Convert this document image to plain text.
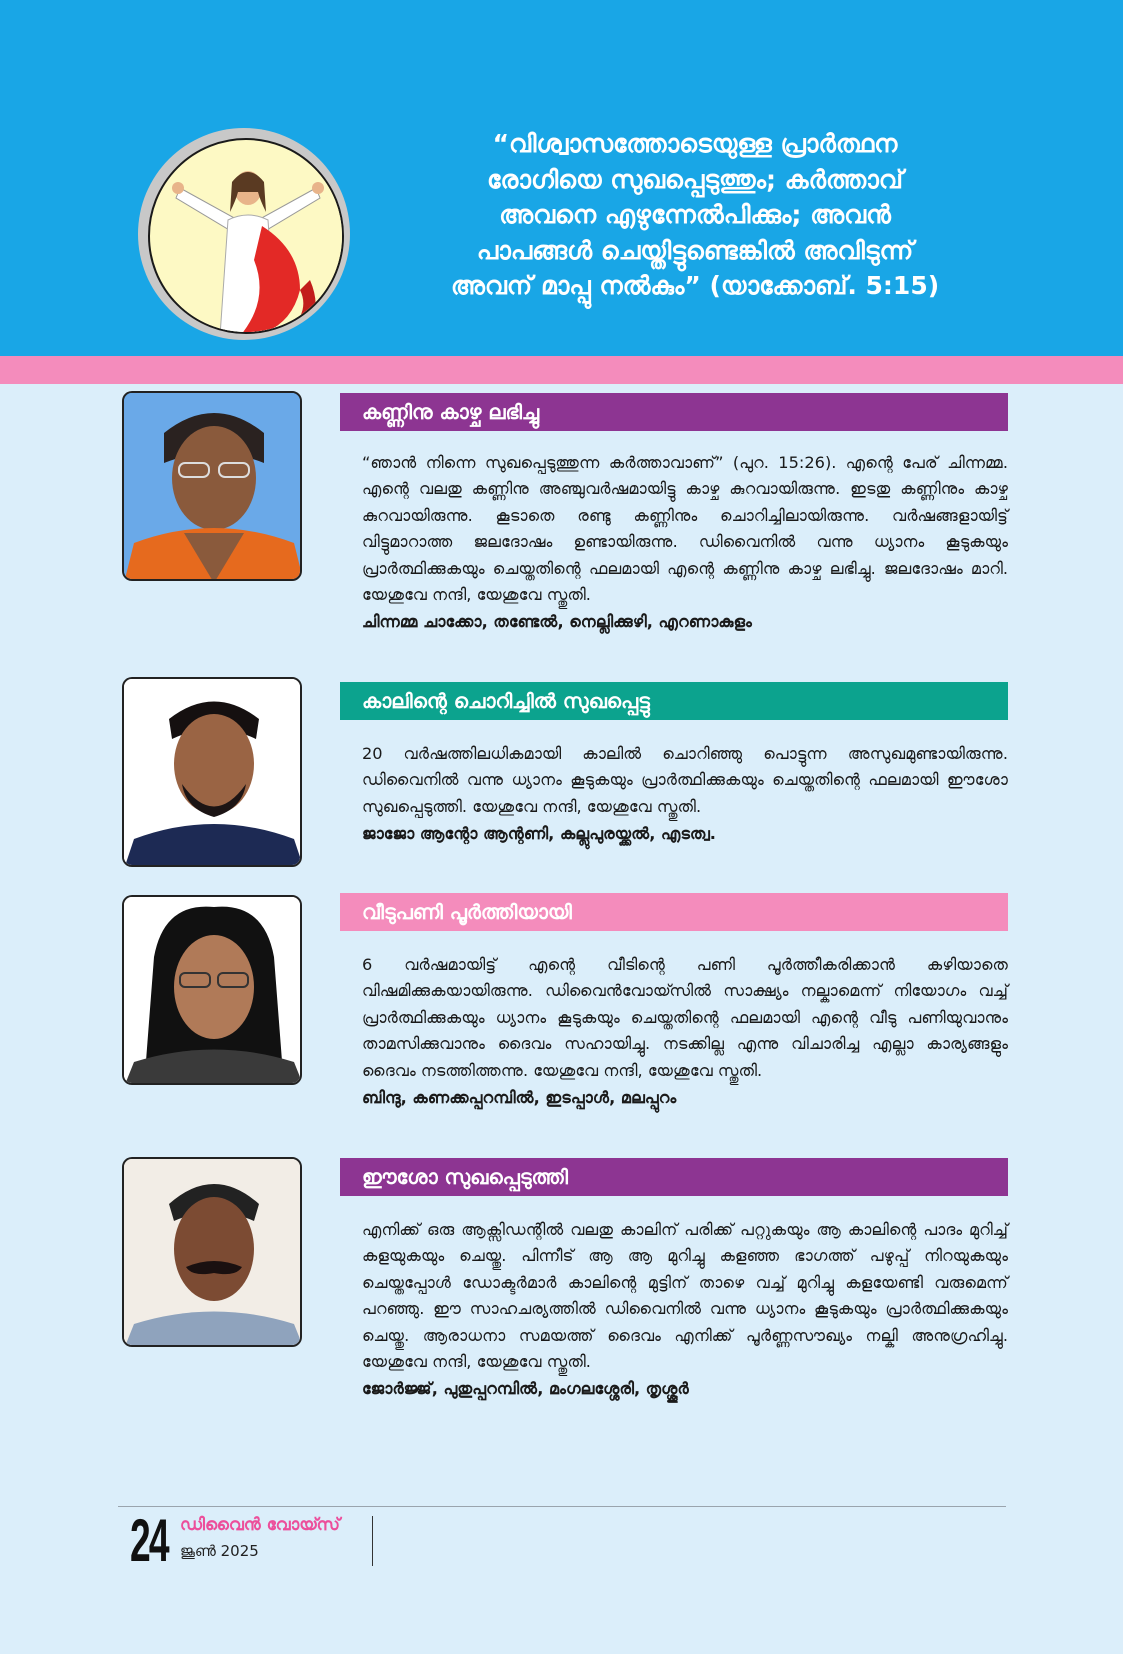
“വിശ്വാസത്തോടെയുള്ള പ്രാർത്ഥന
രോഗിയെ സുഖപ്പെടുത്തും; കർത്താവ്
അവനെ എഴുന്നേൽപിക്കും; അവൻ
പാപങ്ങൾ ചെയ്തിട്ടുണ്ടെങ്കിൽ അവിടുന്ന്
അവന് മാപ്പു നൽകും” (യാക്കോബ്. 5:15)
കണ്ണിനു കാഴ്ച ലഭിച്ചു
“ഞാൻ നിന്നെ സുഖപ്പെടുത്തുന്ന കർത്താവാണ്” (പുറ. 15:26). എന്റെ പേര് ചിന്നമ്മ. എന്റെ വലതു കണ്ണിനു അഞ്ചുവർഷമായിട്ടു കാഴ്ച കുറവായിരുന്നു. ഇടതു കണ്ണിനും കാഴ്ച കുറവായിരുന്നു. കൂടാതെ രണ്ടു കണ്ണിനും ചൊറിച്ചിലായിരുന്നു. വർഷങ്ങളായിട്ട് വിട്ടുമാറാത്ത ജലദോഷം ഉണ്ടായിരുന്നു. ഡിവൈനിൽ വന്നു ധ്യാനം കൂടുകയും പ്രാർത്ഥിക്കുകയും ചെയ്തതിന്റെ ഫലമായി എന്റെ കണ്ണിനു കാഴ്ച ലഭിച്ചു. ജലദോഷം മാറി. യേശുവേ നന്ദി, യേശുവേ സ്തുതി.
ചിന്നമ്മ ചാക്കോ, തണ്ടേൽ, നെല്ലിക്കുഴി, എറണാകുളം
കാലിന്റെ ചൊറിച്ചിൽ സുഖപ്പെട്ടു
20 വർഷത്തിലധികമായി കാലിൽ ചൊറിഞ്ഞു പൊട്ടുന്ന അസുഖമുണ്ടായിരുന്നു. ഡിവൈനിൽ വന്നു ധ്യാനം കൂടുകയും പ്രാർത്ഥിക്കുകയും ചെയ്തതിന്റെ ഫലമായി ഈശോ സുഖപ്പെടുത്തി. യേശുവേ നന്ദി, യേശുവേ സ്തുതി.
ജാജോ ആന്റോ ആന്റണി, കല്ലുപുരയ്ക്കൽ, എടത്വ.
വീടുപണി പൂർത്തിയായി
6 വർഷമായിട്ട് എന്റെ വീടിന്റെ പണി പൂർത്തീകരിക്കാൻ കഴിയാതെ വിഷമിക്കുകയായിരുന്നു. ഡിവൈൻവോയ്സിൽ സാക്ഷ്യം നല്കാമെന്ന് നിയോഗം വച്ച് പ്രാർത്ഥിക്കുകയും ധ്യാനം കൂടുകയും ചെയ്തതിന്റെ ഫലമായി എന്റെ വീടു പണിയുവാനും താമസിക്കുവാനും ദൈവം സഹായിച്ചു. നടക്കില്ല എന്നു വിചാരിച്ച എല്ലാ കാര്യങ്ങളും ദൈവം നടത്തിത്തന്നു. യേശുവേ നന്ദി, യേശുവേ സ്തുതി.
ബിന്ദു, കണക്കപ്പറമ്പിൽ, ഇടപ്പാൾ, മലപ്പുറം
ഈശോ സുഖപ്പെടുത്തി
എനിക്ക് ഒരു ആക്സിഡന്റിൽ വലതു കാലിന് പരിക്ക് പറ്റുകയും ആ കാലിന്റെ പാദം മുറിച്ച് കളയുകയും ചെയ്തു. പിന്നീട് ആ ആ മുറിച്ചു കളഞ്ഞ ഭാഗത്ത് പഴുപ്പ് നിറയുകയും ചെയ്തപ്പോൾ ഡോക്ടർമാർ കാലിന്റെ മുട്ടിന് താഴെ വച്ച് മുറിച്ചു കളയേണ്ടി വരുമെന്ന് പറഞ്ഞു. ഈ സാഹചര്യത്തിൽ ഡിവൈനിൽ വന്നു ധ്യാനം കൂടുകയും പ്രാർത്ഥിക്കുകയും ചെയ്തു. ആരാധനാ സമയത്ത് ദൈവം എനിക്ക് പൂർണ്ണസൗഖ്യം നല്കി അനുഗ്രഹിച്ചു. യേശുവേ നന്ദി, യേശുവേ സ്തുതി.
ജോർജ്ജ്, പുതുപ്പറമ്പിൽ, മംഗലശ്ശേരി, തൃശ്ശൂർ
24 ഡിവൈൻ വോയ്സ്
ജൂൺ 2025
